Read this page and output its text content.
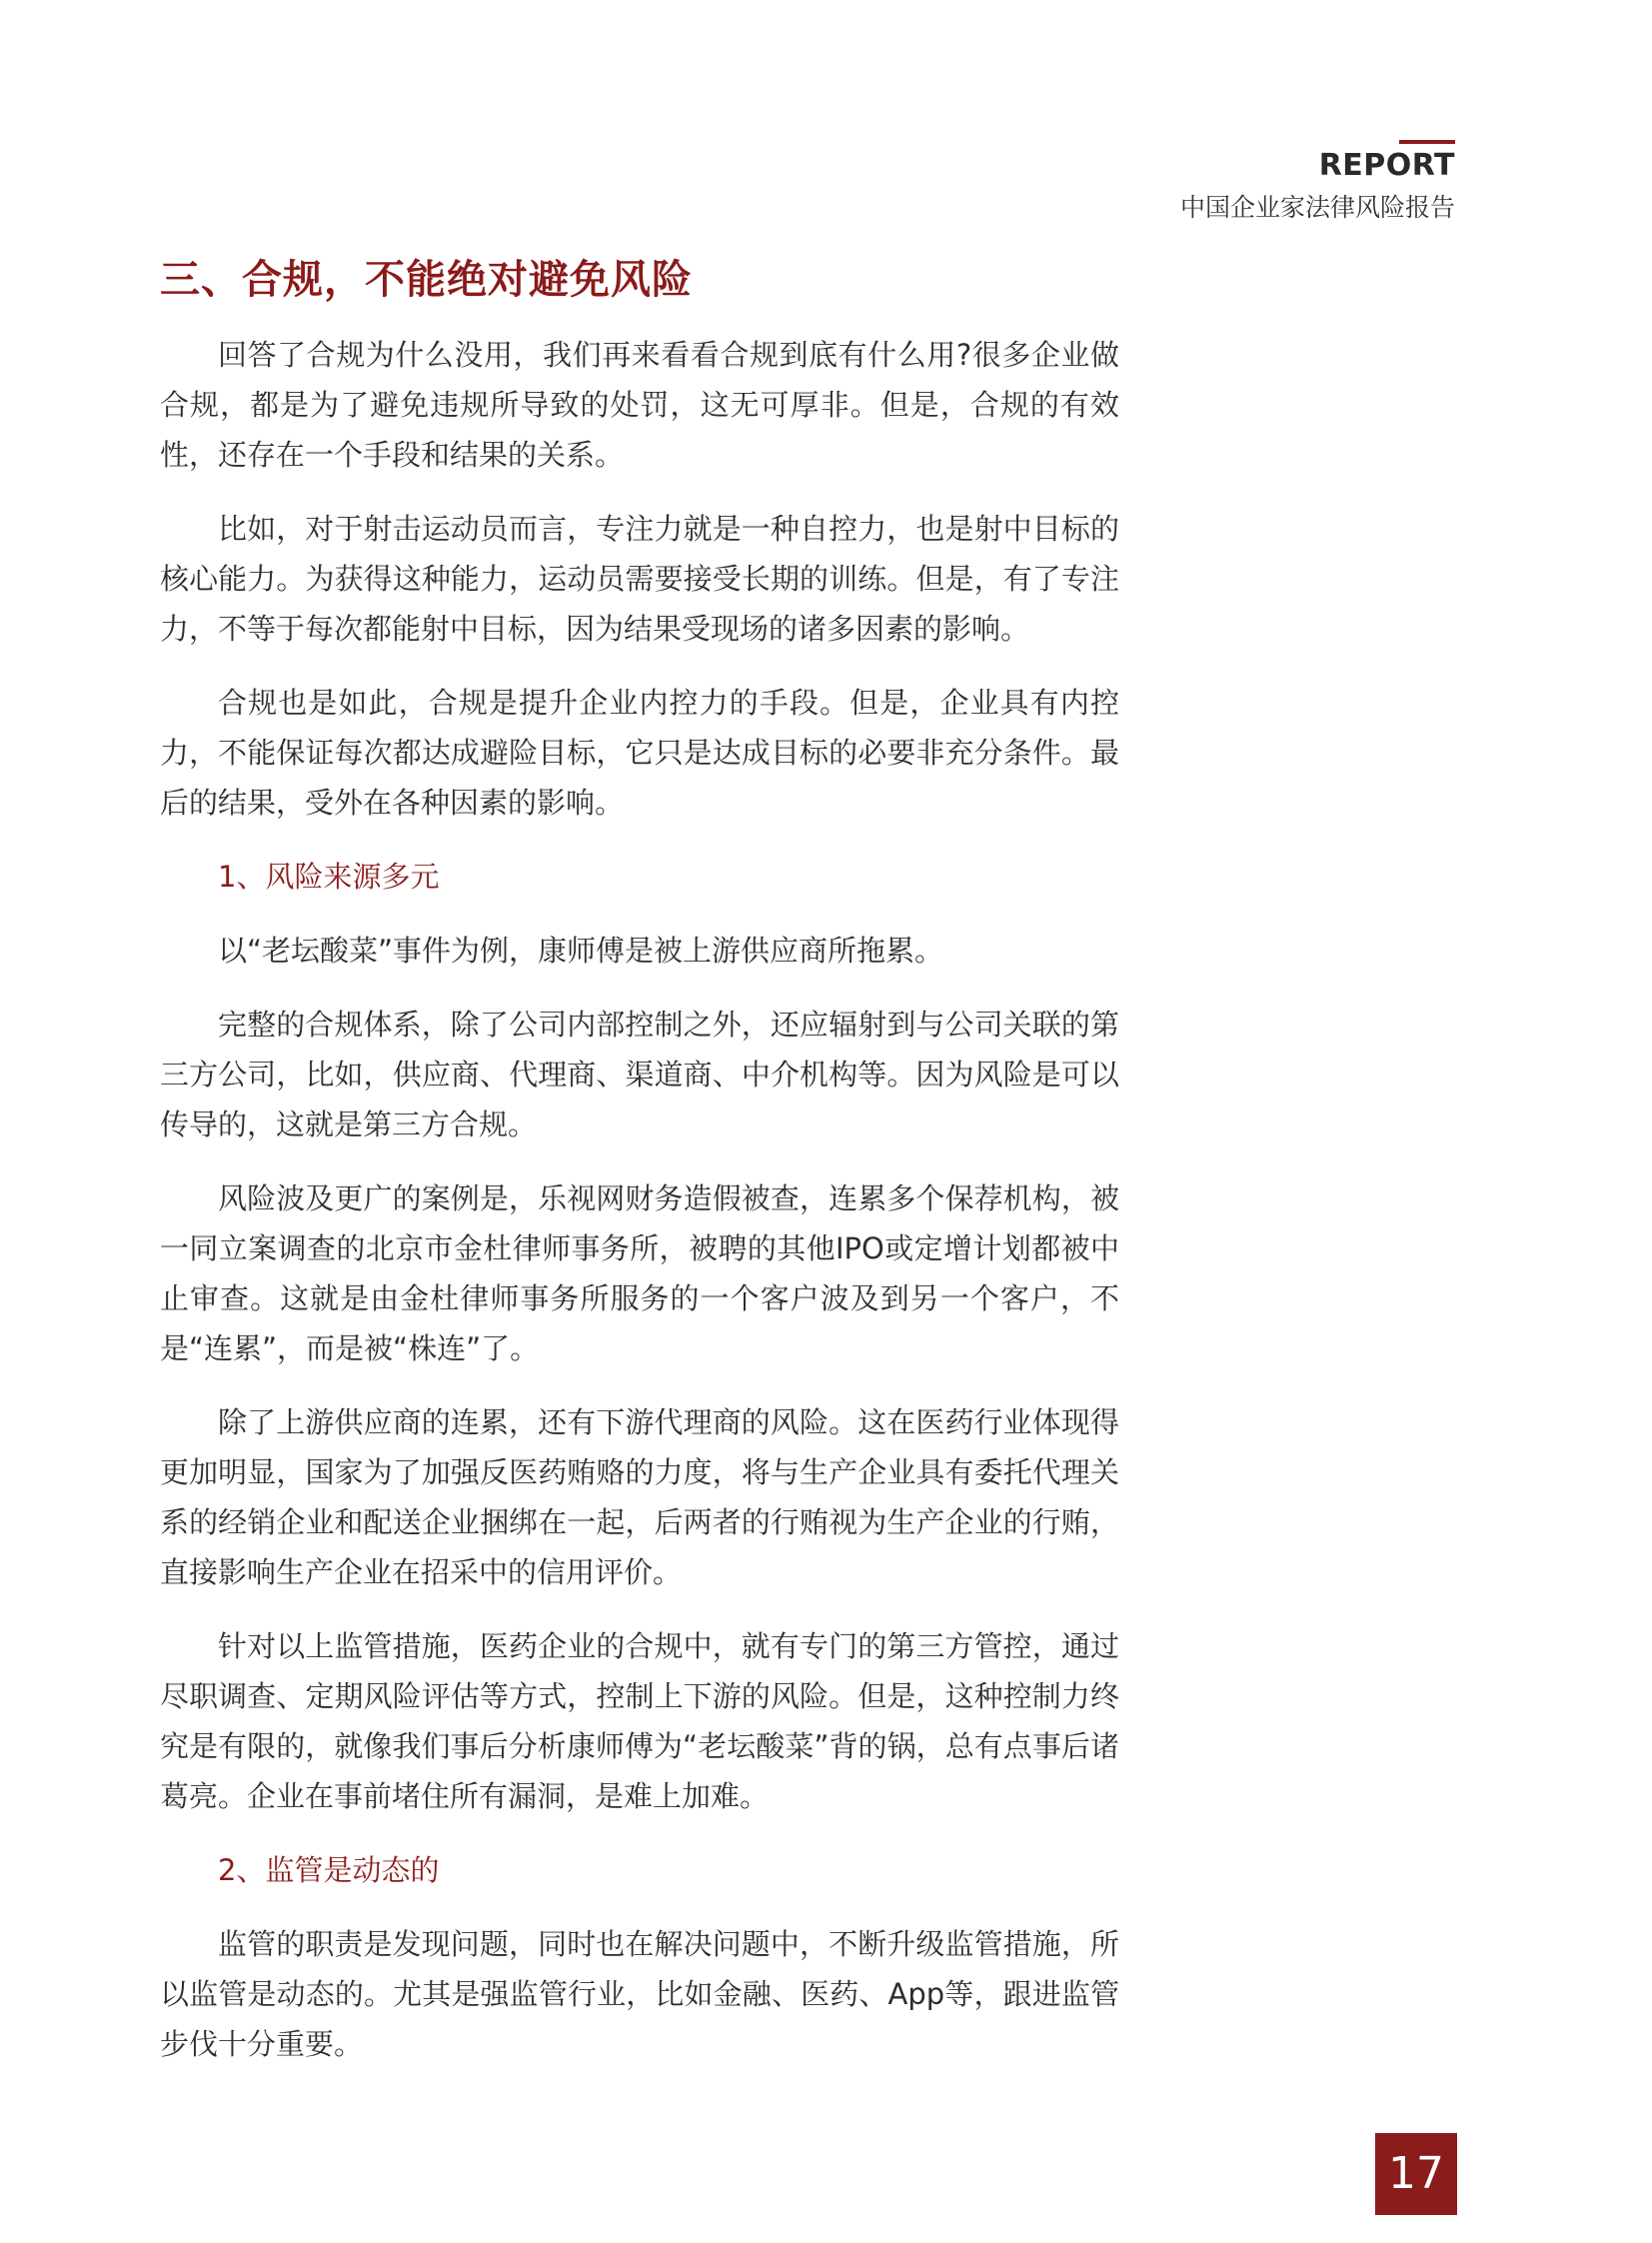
REPORT
中国企业家法律风险报告
三、合规，不能绝对避免风险

回答了合规为什么没用，我们再来看看合规到底有什么用?很多企业做合规，都是为了避免违规所导致的处罚，这无可厚非。但是，合规的有效性，还存在一个手段和结果的关系。

比如，对于射击运动员而言，专注力就是一种自控力，也是射中目标的核心能力。为获得这种能力，运动员需要接受长期的训练。但是，有了专注力，不等于每次都能射中目标，因为结果受现场的诸多因素的影响。

合规也是如此，合规是提升企业内控力的手段。但是，企业具有内控力，不能保证每次都达成避险目标，它只是达成目标的必要非充分条件。最后的结果，受外在各种因素的影响。

1、风险来源多元

以“老坛酸菜”事件为例，康师傅是被上游供应商所拖累。

完整的合规体系，除了公司内部控制之外，还应辐射到与公司关联的第三方公司，比如，供应商、代理商、渠道商、中介机构等。因为风险是可以传导的，这就是第三方合规。

风险波及更广的案例是，乐视网财务造假被查，连累多个保荐机构，被一同立案调查的北京市金杜律师事务所，被聘的其他IPO或定增计划都被中止审查。这就是由金杜律师事务所服务的一个客户波及到另一个客户，不是“连累”，而是被“株连”了。

除了上游供应商的连累，还有下游代理商的风险。这在医药行业体现得更加明显，国家为了加强反医药贿赂的力度，将与生产企业具有委托代理关系的经销企业和配送企业捆绑在一起，后两者的行贿视为生产企业的行贿，直接影响生产企业在招采中的信用评价。

针对以上监管措施，医药企业的合规中，就有专门的第三方管控，通过尽职调查、定期风险评估等方式，控制上下游的风险。但是，这种控制力终究是有限的，就像我们事后分析康师傅为“老坛酸菜”背的锅，总有点事后诸葛亮。企业在事前堵住所有漏洞，是难上加难。

2、监管是动态的

监管的职责是发现问题，同时也在解决问题中，不断升级监管措施，所以监管是动态的。尤其是强监管行业，比如金融、医药、App等，跟进监管步伐十分重要。

17
